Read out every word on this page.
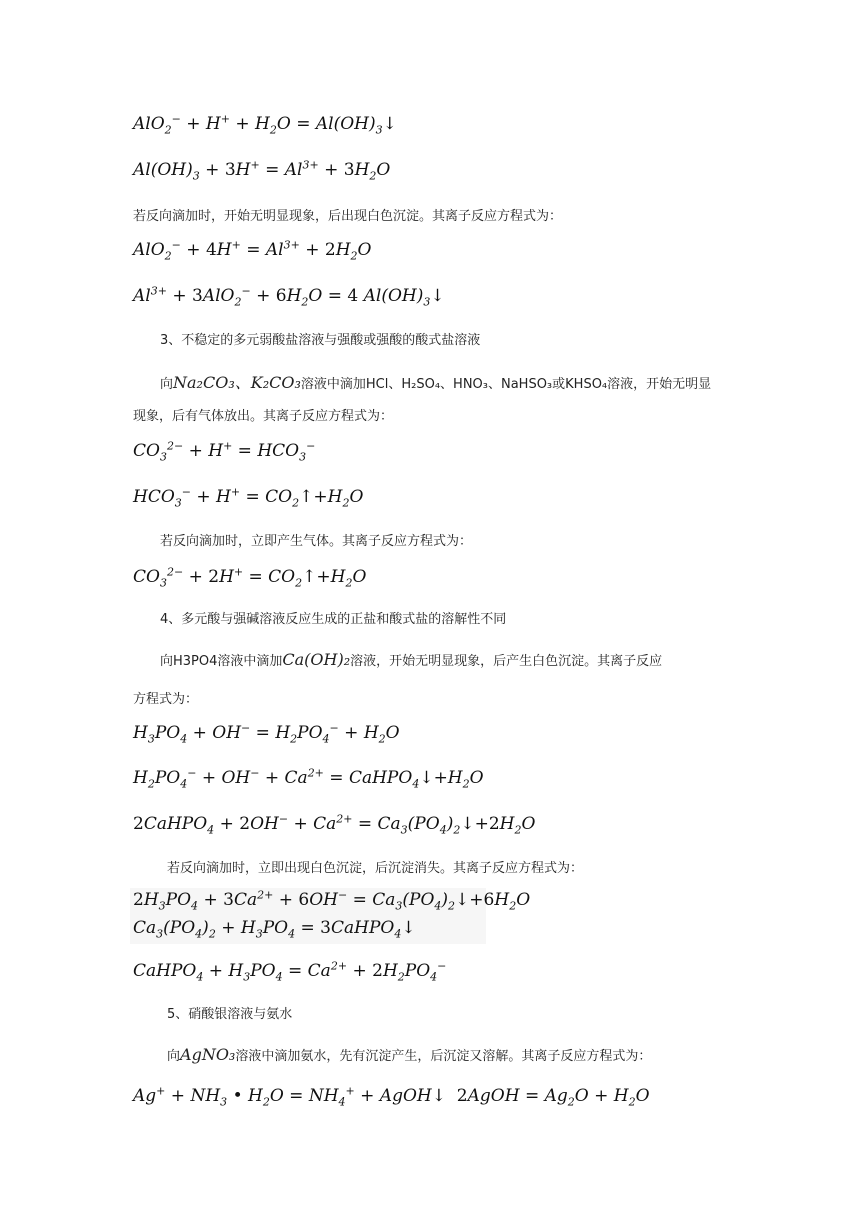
$AlO_2^- + H^+ + H_2O$ = $Al(OH)_3↓$
$Al(OH)_3 + 3H^+ = Al^{3+} + 3H_2O$
若反向滴加时，开始无明显现象，后出现白色沉淀。其离子反应方程式为：
$AlO_2^- + 4H^+ = Al^{3+} + 2H_2O$
$Al^{3+} + 3AlO_2^- + 6H_2O = 4$ $Al(OH)_3↓$
3、不稳定的多元弱酸盐溶液与强酸或强酸的酸式盐溶液
向Na₂CO₃、K₂CO₃溶液中滴加HCl、H₂SO₄、HNO₃、NaHSO₃或KHSO₄溶液，开始无明显
现象，后有气体放出。其离子反应方程式为：
$CO_3^{2-} + H^+ = HCO_3^-$
$HCO_3^- + H^+$ = $CO_2↑+H_2O$
若反向滴加时，立即产生气体。其离子反应方程式为：
$CO_3^{2-} + 2H^+$ = $CO_2↑+H_2O$
4、多元酸与强碱溶液反应生成的正盐和酸式盐的溶解性不同
向H3PO4溶液中滴加Ca(OH)₂溶液，开始无明显现象，后产生白色沉淀。其离子反应
方程式为：
$H_3PO_4 + OH^- = H_2PO_4^- + H_2O$
$H_2PO_4^- + OH^- + Ca^{2+}$ = $CaHPO_4↓+H_2O$
2CaHPO$_4$ + $2OH^- + Ca^{2+}$ = $Ca_3(PO_4)_2↓+2H_2O$
若反向滴加时，立即出现白色沉淀，后沉淀消失。其离子反应方程式为：
$2H_3PO_4 + 3Ca^{2+} + 6OH^-$ = $Ca_3(PO_4)_2↓+6H_2O$
$Ca_3(PO_4)_2 + H_3PO_4$ = 3CaHPO$_4$↓
CaHPO$_4$ + $H_3PO_4 = Ca^{2+} + 2H_2PO_4^-$
5、硝酸银溶液与氨水
向AgNO₃溶液中滴加氨水，先有沉淀产生，后沉淀又溶解。其离子反应方程式为：
$Ag^+ + NH_3$ • $H_2O = NH_4^+$ + AgOH↓ 2AgOH = $Ag_2O + H_2O$
